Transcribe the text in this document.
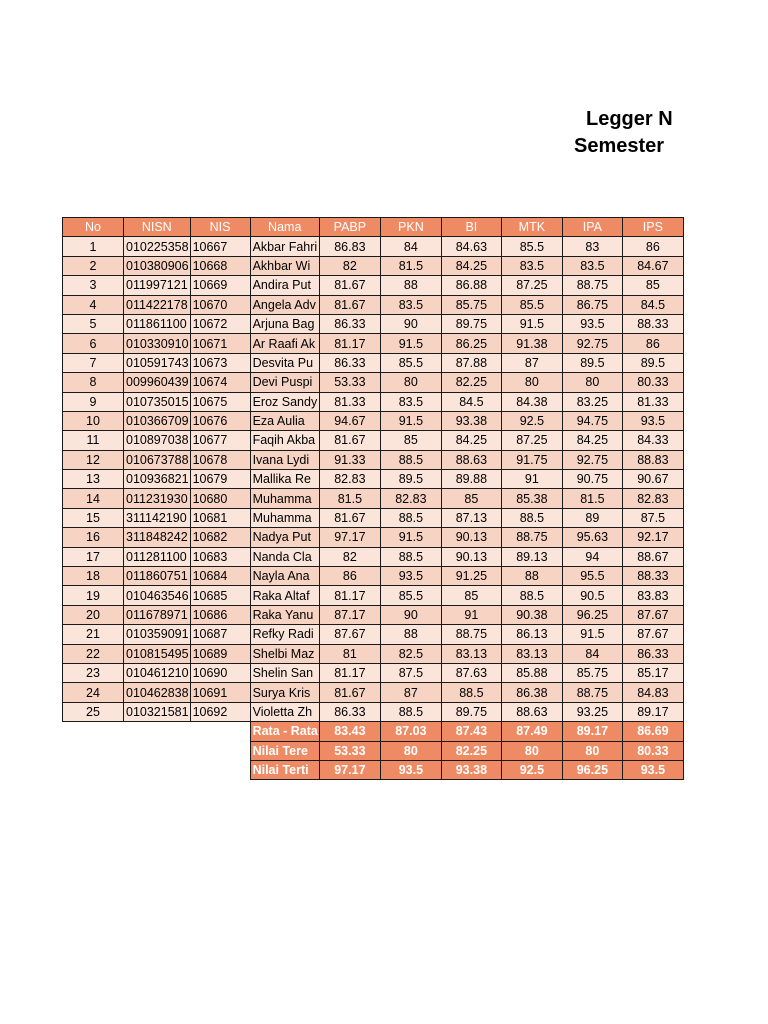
Legger N
Semester
No	NISN	NIS	Nama	PABP	PKN	BI	MTK	IPA	IPS
1	010225358	10667	Akbar Fahri	86.83	84	84.63	85.5	83	86
2	010380906	10668	Akhbar Wi	82	81.5	84.25	83.5	83.5	84.67
3	011997121	10669	Andira Put	81.67	88	86.88	87.25	88.75	85
4	011422178	10670	Angela Adv	81.67	83.5	85.75	85.5	86.75	84.5
5	011861100	10672	Arjuna Bag	86.33	90	89.75	91.5	93.5	88.33
6	010330910	10671	Ar Raafi Ak	81.17	91.5	86.25	91.38	92.75	86
7	010591743	10673	Desvita Pu	86.33	85.5	87.88	87	89.5	89.5
8	009960439	10674	Devi Puspi	53.33	80	82.25	80	80	80.33
9	010735015	10675	Eroz Sandy	81.33	83.5	84.5	84.38	83.25	81.33
10	010366709	10676	Eza Aulia	94.67	91.5	93.38	92.5	94.75	93.5
11	010897038	10677	Faqih Akba	81.67	85	84.25	87.25	84.25	84.33
12	010673788	10678	Ivana Lydi	91.33	88.5	88.63	91.75	92.75	88.83
13	010936821	10679	Mallika Re	82.83	89.5	89.88	91	90.75	90.67
14	011231930	10680	Muhamma	81.5	82.83	85	85.38	81.5	82.83
15	311142190	10681	Muhamma	81.67	88.5	87.13	88.5	89	87.5
16	311848242	10682	Nadya Put	97.17	91.5	90.13	88.75	95.63	92.17
17	011281100	10683	Nanda Cla	82	88.5	90.13	89.13	94	88.67
18	011860751	10684	Nayla Ana	86	93.5	91.25	88	95.5	88.33
19	010463546	10685	Raka Altaf	81.17	85.5	85	88.5	90.5	83.83
20	011678971	10686	Raka Yanu	87.17	90	91	90.38	96.25	87.67
21	010359091	10687	Refky Radi	87.67	88	88.75	86.13	91.5	87.67
22	010815495	10689	Shelbi Maz	81	82.5	83.13	83.13	84	86.33
23	010461210	10690	Shelin San	81.17	87.5	87.63	85.88	85.75	85.17
24	010462838	10691	Surya Kris	81.67	87	88.5	86.38	88.75	84.83
25	010321581	10692	Violetta Zh	86.33	88.5	89.75	88.63	93.25	89.17
			Rata - Rata	83.43	87.03	87.43	87.49	89.17	86.69
			Nilai Tere	53.33	80	82.25	80	80	80.33
			Nilai Terti	97.17	93.5	93.38	92.5	96.25	93.5
